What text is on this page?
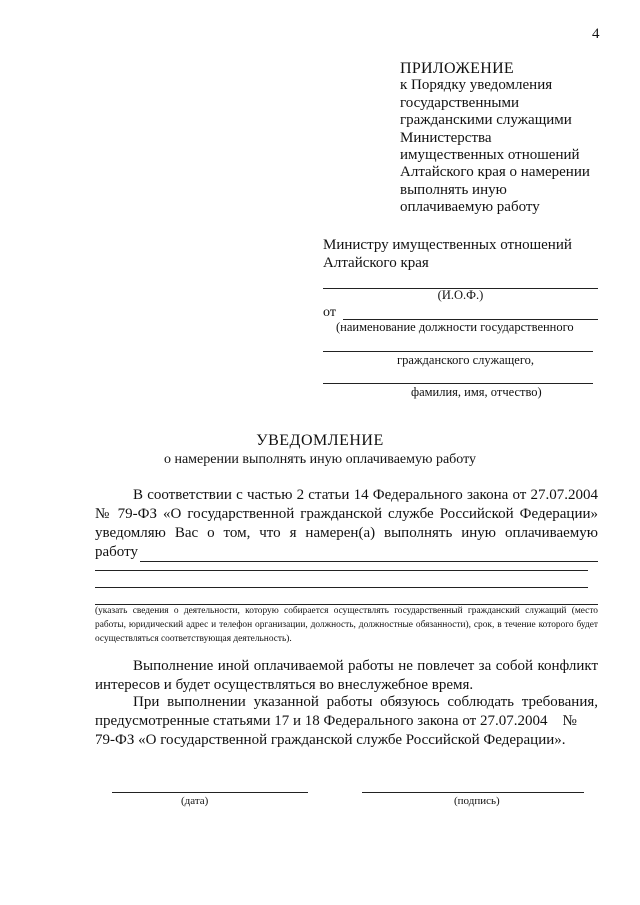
4
ПРИЛОЖЕНИЕ
к Порядку уведомления
государственными
гражданскими служащими
Министерства
имущественных отношений
Алтайского края о намерении
выполнять иную
оплачиваемую работу
Министру имущественных отношений
Алтайского края
(И.О.Ф.)
от
(наименование должности государственного
гражданского служащего,
фамилия, имя, отчество)
УВЕДОМЛЕНИЕ
о намерении выполнять иную оплачиваемую работу

В соответствии с частью 2 статьи 14 Федерального закона от 27.07.2004

№ 79-ФЗ «О государственной гражданской службе Российской Федерации»

уведомляю Вас о том, что я намерен(а) выполнять иную оплачиваемую

работу
(указать сведения о деятельности, которую собирается осуществлять государственный гражданский служащий (место работы, юридический адрес и телефон организации, должность, должностные обязанности), срок, в течение которого будет осуществляться соответствующая деятельность).

Выполнение иной оплачиваемой работы не повлечет за собой конфликт

интересов и будет осуществляться во внеслужебное время.

При выполнении указанной работы обязуюсь соблюдать требования,

предусмотренные статьями 17 и 18 Федерального закона от 27.07.2004    №

79-ФЗ «О государственной гражданской службе Российской Федерации».

(дата)	(подпись)
